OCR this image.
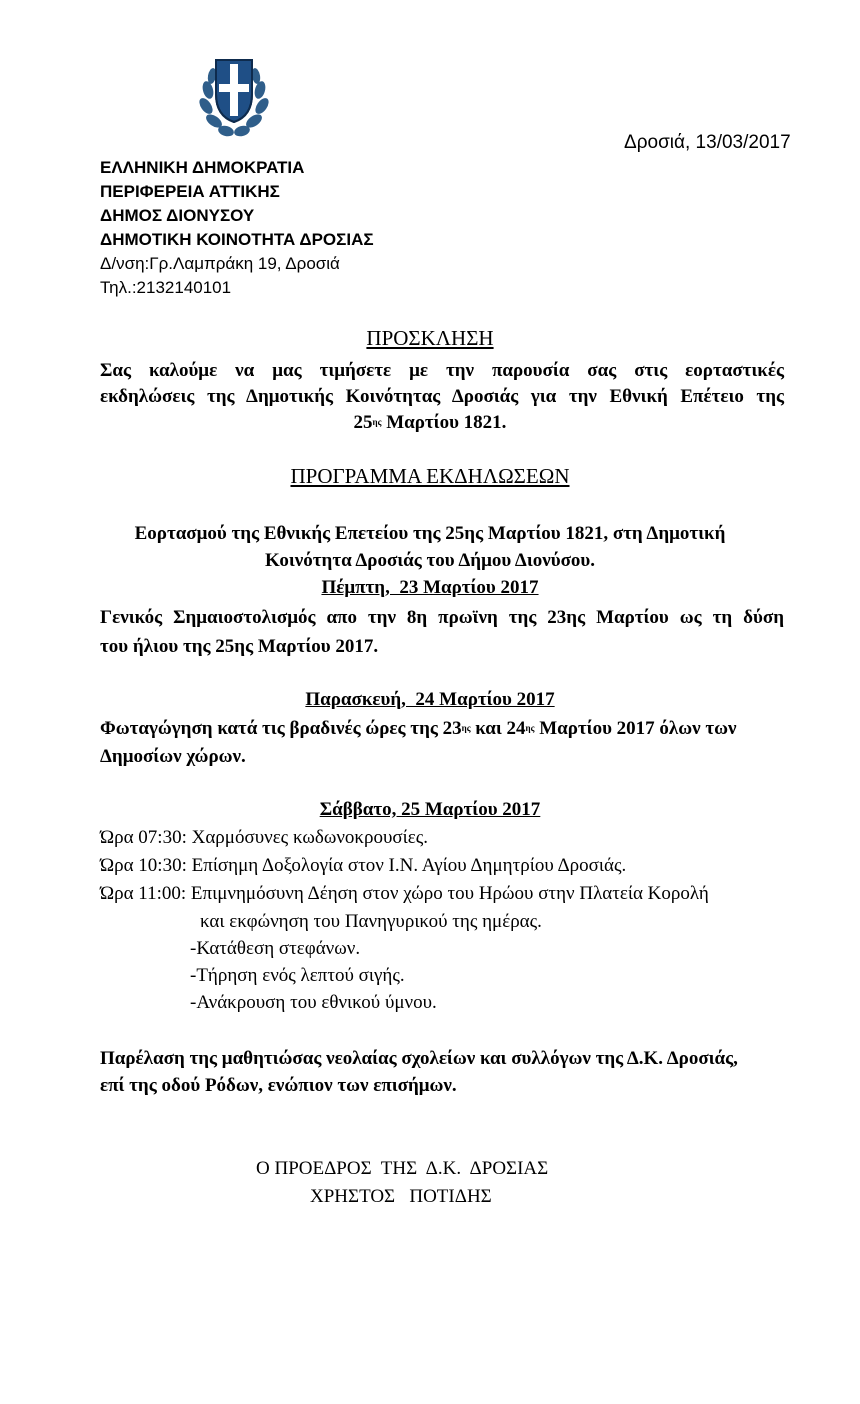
Δροσιά, 13/03/2017
ΕΛΛΗΝΙΚΗ ΔΗΜΟΚΡΑΤΙΑ
ΠΕΡΙΦΕΡΕΙΑ ΑΤΤΙΚΗΣ
ΔΗΜΟΣ ΔΙΟΝΥΣΟΥ
ΔΗΜΟΤΙΚΗ ΚΟΙΝΟΤΗΤΑ ΔΡΟΣΙΑΣ
Δ/νση:Γρ.Λαμπράκη 19, Δροσιά
Τηλ.:2132140101
ΠΡΟΣΚΛΗΣΗ
Σας καλούμε να μας τιμήσετε με την παρουσία σας στις εορταστικές
εκδηλώσεις της Δημοτικής Κοινότητας Δροσιάς για την Εθνική Επέτειο της
$25^{\eta\varsigma}$ Μαρτίου 1821.
ΠΡΟΓΡΑΜΜΑ ΕΚΔΗΛΩΣΕΩΝ
Εορτασμού της Εθνικής Επετείου της 25ης Μαρτίου 1821, στη Δημοτική
Κοινότητα Δροσιάς του Δήμου Διονύσου.
Πέμπτη,  23 Μαρτίου 2017
Γενικός Σημαιοστολισμός απο την 8η πρωϊνη της 23ης Μαρτίου ως τη δύση
του ήλιου της 25ης Μαρτίου 2017.
Παρασκευή,  24 Μαρτίου 2017
Φωταγώγηση κατά τις βραδινές ώρες της $23^{\eta\varsigma}$ και $24^{\eta\varsigma}$ Μαρτίου 2017 όλων των
Δημοσίων χώρων.
Σάββατο, 25 Μαρτίου 2017
Ώρα 07:30: Χαρμόσυνες κωδωνοκρουσίες.
Ώρα 10:30: Επίσημη Δοξολογία στον Ι.Ν. Αγίου Δημητρίου Δροσιάς.
Ώρα 11:00: Επιμνημόσυνη Δέηση στον χώρο του Ηρώου στην Πλατεία Κορολή
και εκφώνηση του Πανηγυρικού της ημέρας.
-Κατάθεση στεφάνων.
-Τήρηση ενός λεπτού σιγής.
-Ανάκρουση του εθνικού ύμνου.
Παρέλαση της μαθητιώσας νεολαίας σχολείων και συλλόγων της Δ.Κ. Δροσιάς,
επί της οδού Ρόδων, ενώπιον των επισήμων.
Ο ΠΡΟΕΔΡΟΣ  ΤΗΣ  Δ.Κ.  ΔΡΟΣΙΑΣ
ΧΡΗΣΤΟΣ   ΠΟΤΙΔΗΣ
